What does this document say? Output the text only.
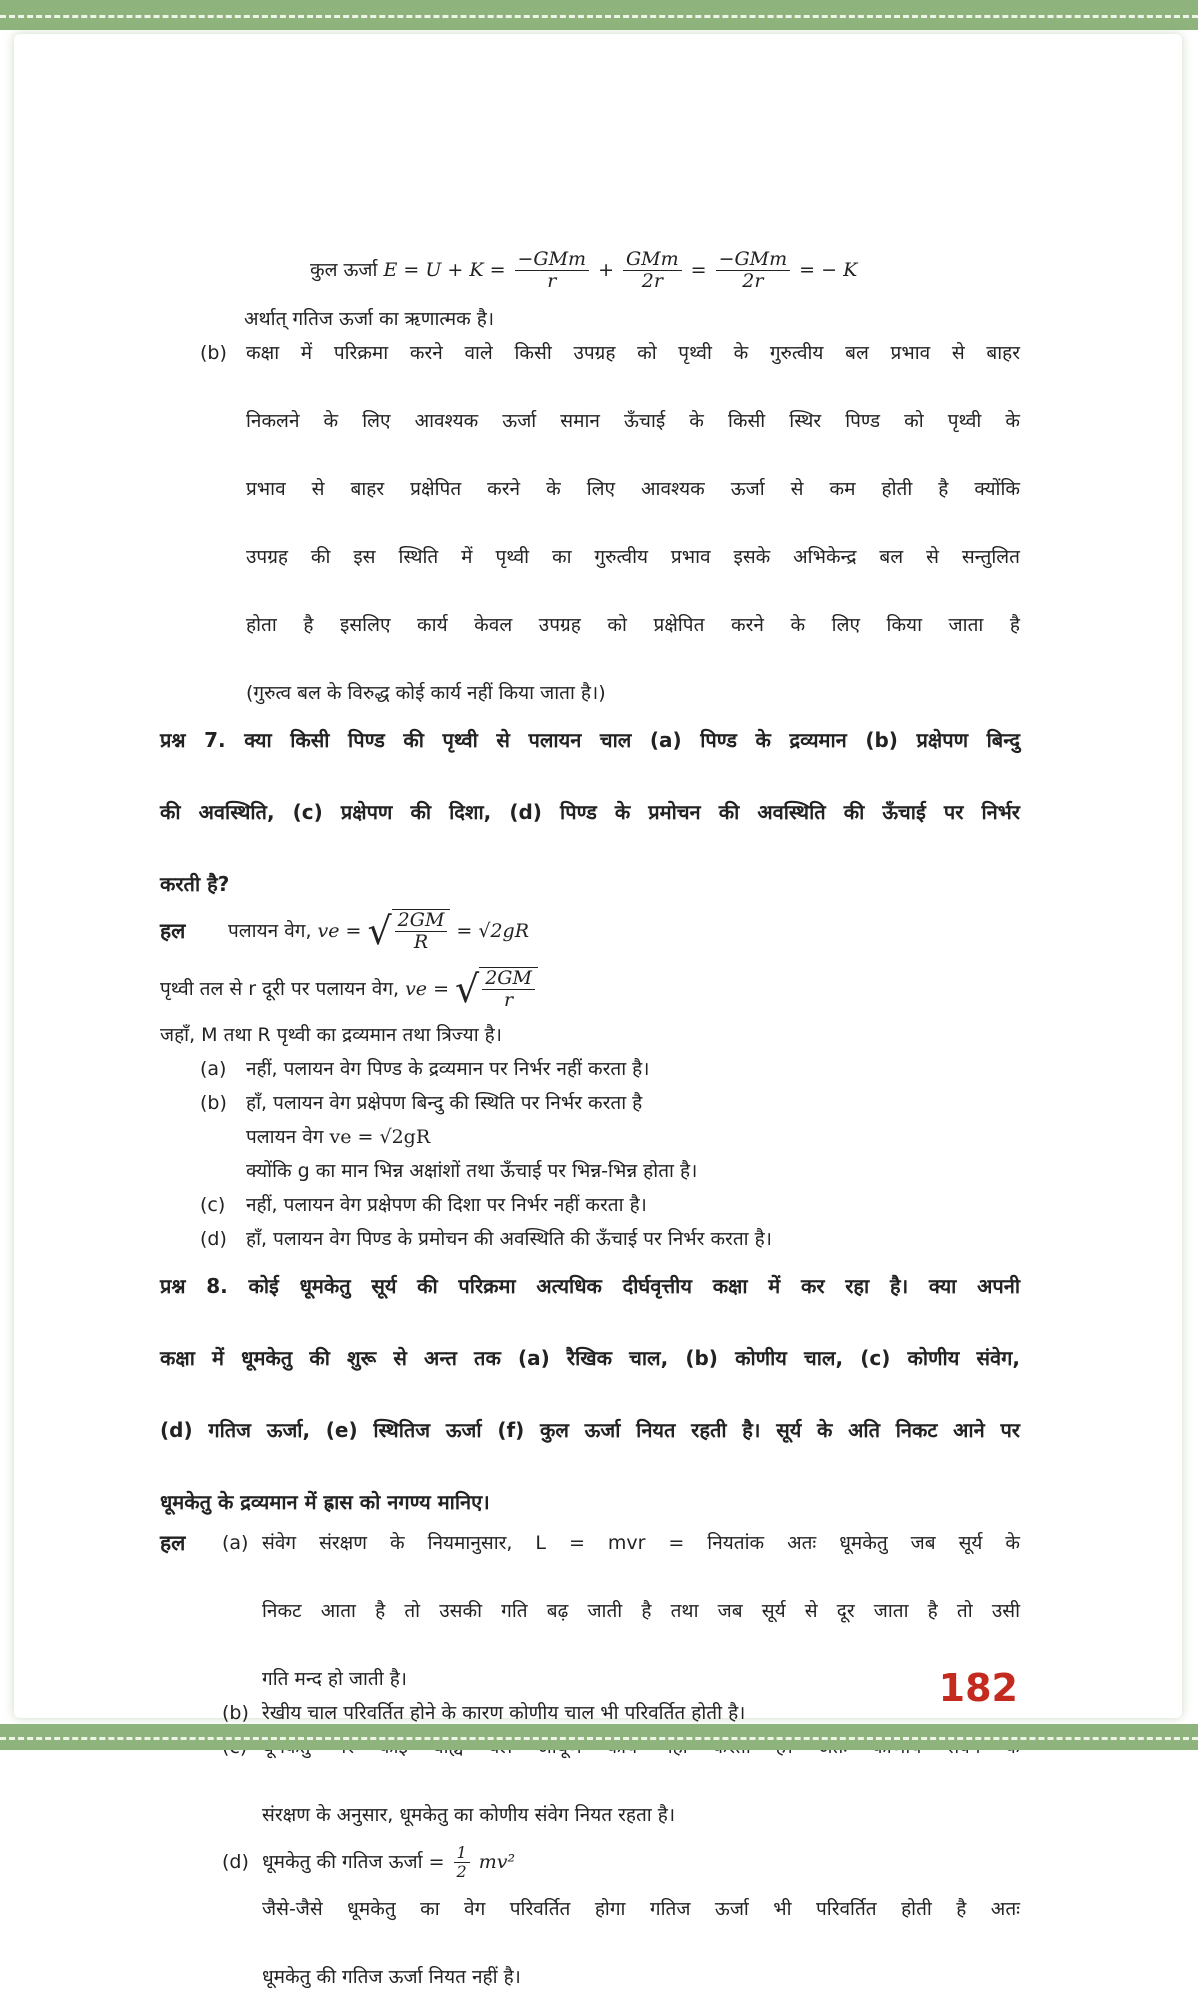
कुल ऊर्जा $E = U + K = \frac{\text{−GMm}}{r} + \frac{\text{GMm}}{2r} = \frac{\text{−GMm}}{2r}$ = − K
अर्थात् गतिज ऊर्जा का ऋणात्मक है।
(b)	कक्षा में परिक्रमा करने वाले किसी उपग्रह को पृथ्वी के गुरुत्वीय बल प्रभाव से बाहर
निकलने के लिए आवश्यक ऊर्जा समान ऊँचाई के किसी स्थिर पिण्ड को पृथ्वी के
प्रभाव से बाहर प्रक्षेपित करने के लिए आवश्यक ऊर्जा से कम होती है क्योंकि
उपग्रह की इस स्थिति में पृथ्वी का गुरुत्वीय प्रभाव इसके अभिकेन्द्र बल से सन्तुलित
होता है इसलिए कार्य केवल उपग्रह को प्रक्षेपित करने के लिए किया जाता है
(गुरुत्व बल के विरुद्ध कोई कार्य नहीं किया जाता है।)
प्रश्न 7. क्या किसी पिण्ड की पृथ्वी से पलायन चाल (a) पिण्ड के द्रव्यमान (b) प्रक्षेपण बिन्दु
की अवस्थिति, (c) प्रक्षेपण की दिशा, (d) पिण्ड के प्रमोचन की अवस्थिति की ऊँचाई पर निर्भर
करती है?
हल	पलायन वेग, ve = √ $\frac{2GM}{R} = √2gR$
पृथ्वी तल से r दूरी पर पलायन वेग, ve = √ $\frac{2GM}{r}$
जहाँ, M तथा R पृथ्वी का द्रव्यमान तथा त्रिज्या है।
(a)	नहीं, पलायन वेग पिण्ड के द्रव्यमान पर निर्भर नहीं करता है।
(b)	हाँ, पलायन वेग प्रक्षेपण बिन्दु की स्थिति पर निर्भर करता है
पलायन वेग ve = √2gR
क्योंकि g का मान भिन्न अक्षांशों तथा ऊँचाई पर भिन्न-भिन्न होता है।
(c)	नहीं, पलायन वेग प्रक्षेपण की दिशा पर निर्भर नहीं करता है।
(d)	हाँ, पलायन वेग पिण्ड के प्रमोचन की अवस्थिति की ऊँचाई पर निर्भर करता है।
प्रश्न 8. कोई धूमकेतु सूर्य की परिक्रमा अत्यधिक दीर्घवृत्तीय कक्षा में कर रहा है। क्या अपनी
कक्षा में धूमकेतु की शुरू से अन्त तक (a) रैखिक चाल, (b) कोणीय चाल, (c) कोणीय संवेग,
(d) गतिज ऊर्जा, (e) स्थितिज ऊर्जा (f) कुल ऊर्जा नियत रहती है। सूर्य के अति निकट आने पर
धूमकेतु के द्रव्यमान में ह्रास को नगण्य मानिए।
हल	(a) संवेग संरक्षण के नियमानुसार, L = mvr = नियतांक अतः धूमकेतु जब सूर्य के
निकट आता है तो उसकी गति बढ़ जाती है तथा जब सूर्य से दूर जाता है तो उसी
गति मन्द हो जाती है।
(b) रेखीय चाल परिवर्तित होने के कारण कोणीय चाल भी परिवर्तित होती है।
संरक्षण के अनुसार, धूमकेतु का कोणीय संवेग नियत रहता है।
(d) धूमकेतु की गतिज ऊर्जा = $\frac{1}{2} mv^2$
जैसे-जैसे धूमकेतु का वेग परिवर्तित होगा गतिज ऊर्जा भी परिवर्तित होती है अतः
धूमकेतु की गतिज ऊर्जा नियत नहीं है।
182
